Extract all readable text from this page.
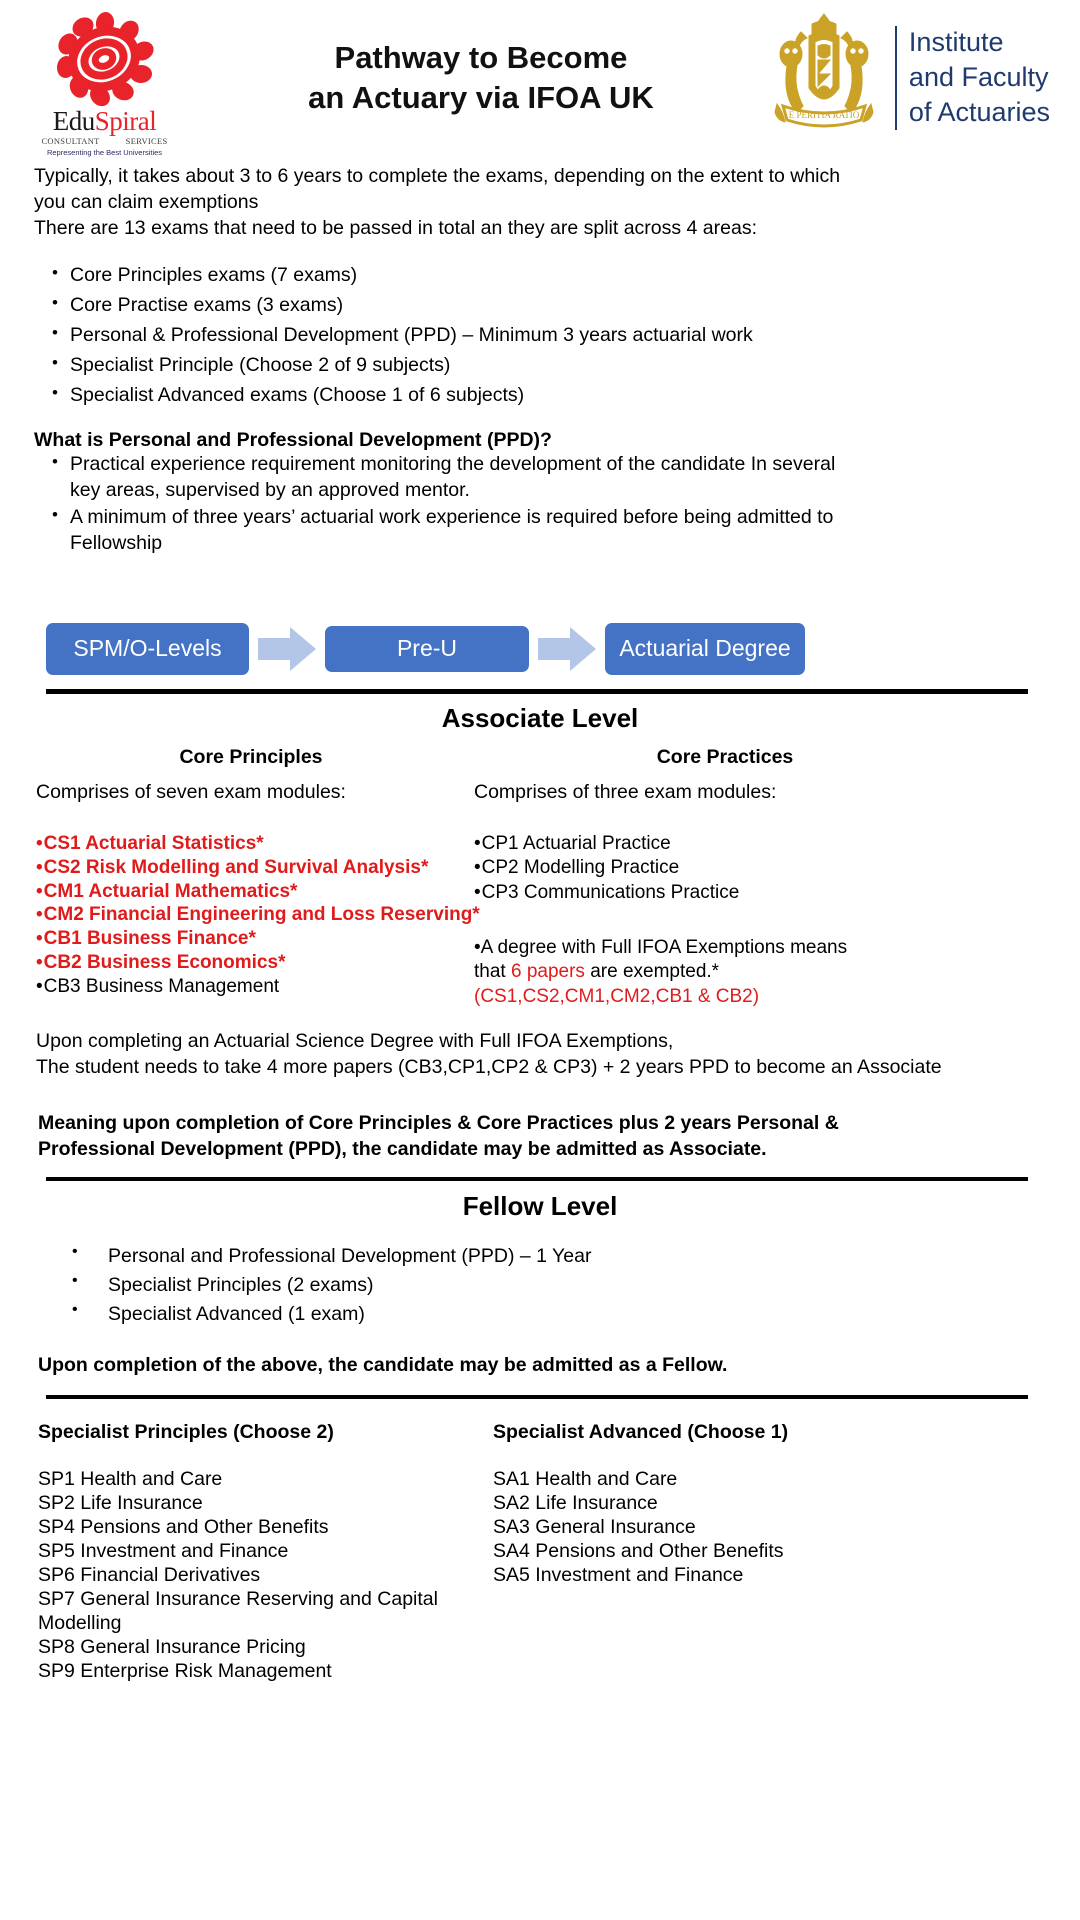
EduSpiral
CONSULTANT	SERVICES
Representing the Best Universities
Pathway to Become
an Actuary via IFOA UK
E PERITIA RATIO
Institute
and Faculty
of Actuaries
Typically, it takes about 3 to 6 years to complete the exams, depending on the extent to which
you can claim exemptions
There are 13 exams that need to be passed in total an they are split across 4 areas:
• Core Principles exams (7 exams)
• Core Practise exams (3 exams)
• Personal & Professional Development (PPD) – Minimum 3 years actuarial work
• Specialist Principle (Choose 2 of 9 subjects)
• Specialist Advanced exams (Choose 1 of 6 subjects)
What is Personal and Professional Development (PPD)?
• Practical experience requirement monitoring the development of the candidate In several
key areas, supervised by an approved mentor.
• A minimum of three years’ actuarial work experience is required before being admitted to
Fellowship
SPM/O-Levels	Pre-U	Actuarial Degree
Associate Level
Core Principles
Comprises of seven exam modules:
• CS1 Actuarial Statistics*
• CS2 Risk Modelling and Survival Analysis*
• CM1 Actuarial Mathematics*
• CM2 Financial Engineering and Loss Reserving*
• CB1 Business Finance*
• CB2 Business Economics*
• CB3 Business Management
Core Practices
Comprises of three exam modules:
• CP1 Actuarial Practice
• CP2 Modelling Practice
• CP3 Communications Practice
•A degree with Full IFOA Exemptions means
that 6 papers are exempted.*
(CS1,CS2,CM1,CM2,CB1 & CB2)
Upon completing an Actuarial Science Degree with Full IFOA Exemptions,
The student needs to take 4 more papers (CB3,CP1,CP2 & CP3) + 2 years PPD to become an Associate
Meaning upon completion of Core Principles & Core Practices plus 2 years Personal &
Professional Development (PPD), the candidate may be admitted as Associate.
Fellow Level
• Personal and Professional Development (PPD) – 1 Year
• Specialist Principles (2 exams)
• Specialist Advanced (1 exam)
Upon completion of the above, the candidate may be admitted as a Fellow.
Specialist Principles (Choose 2)
SP1 Health and Care
SP2 Life Insurance
SP4 Pensions and Other Benefits
SP5 Investment and Finance
SP6 Financial Derivatives
SP7 General Insurance Reserving and Capital
Modelling
SP8 General Insurance Pricing
SP9 Enterprise Risk Management
Specialist Advanced (Choose 1)
SA1 Health and Care
SA2 Life Insurance
SA3 General Insurance
SA4 Pensions and Other Benefits
SA5 Investment and Finance
